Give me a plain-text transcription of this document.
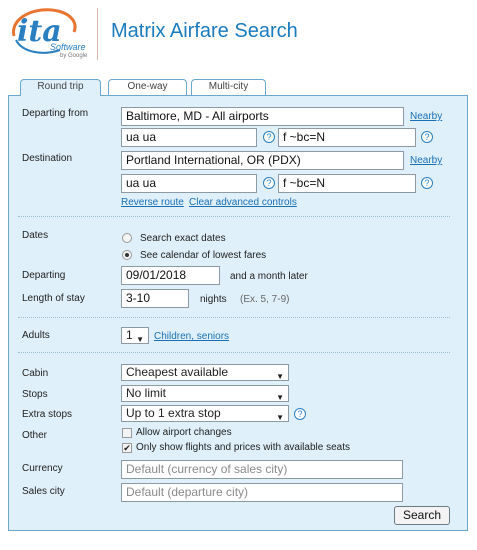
ita
Software
by Google
Matrix Airfare Search
Round trip	One-way	Multi-city
Departing from	Baltimore, MD - All airports	Nearby
ua ua	? f ~bc=N	?
Destination	Portland International, OR (PDX)	Nearby
ua ua	? f ~bc=N	?
Reverse route Clear advanced controls
Dates	Search exact dates
See calendar of lowest fares
Departing	09/01/2018	and a month later
Length of stay	3-10	nights (Ex. 5, 7-9)
Adults	1 ▼ Children, seniors
Cabin	Cheapest available	▼
Stops	No limit	▼
Extra stops	Up to 1 extra stop	▼	?
Other	Allow airport changes
✔ Only show flights and prices with available seats
Currency	Default (currency of sales city)
Sales city	Default (departure city)
Search
